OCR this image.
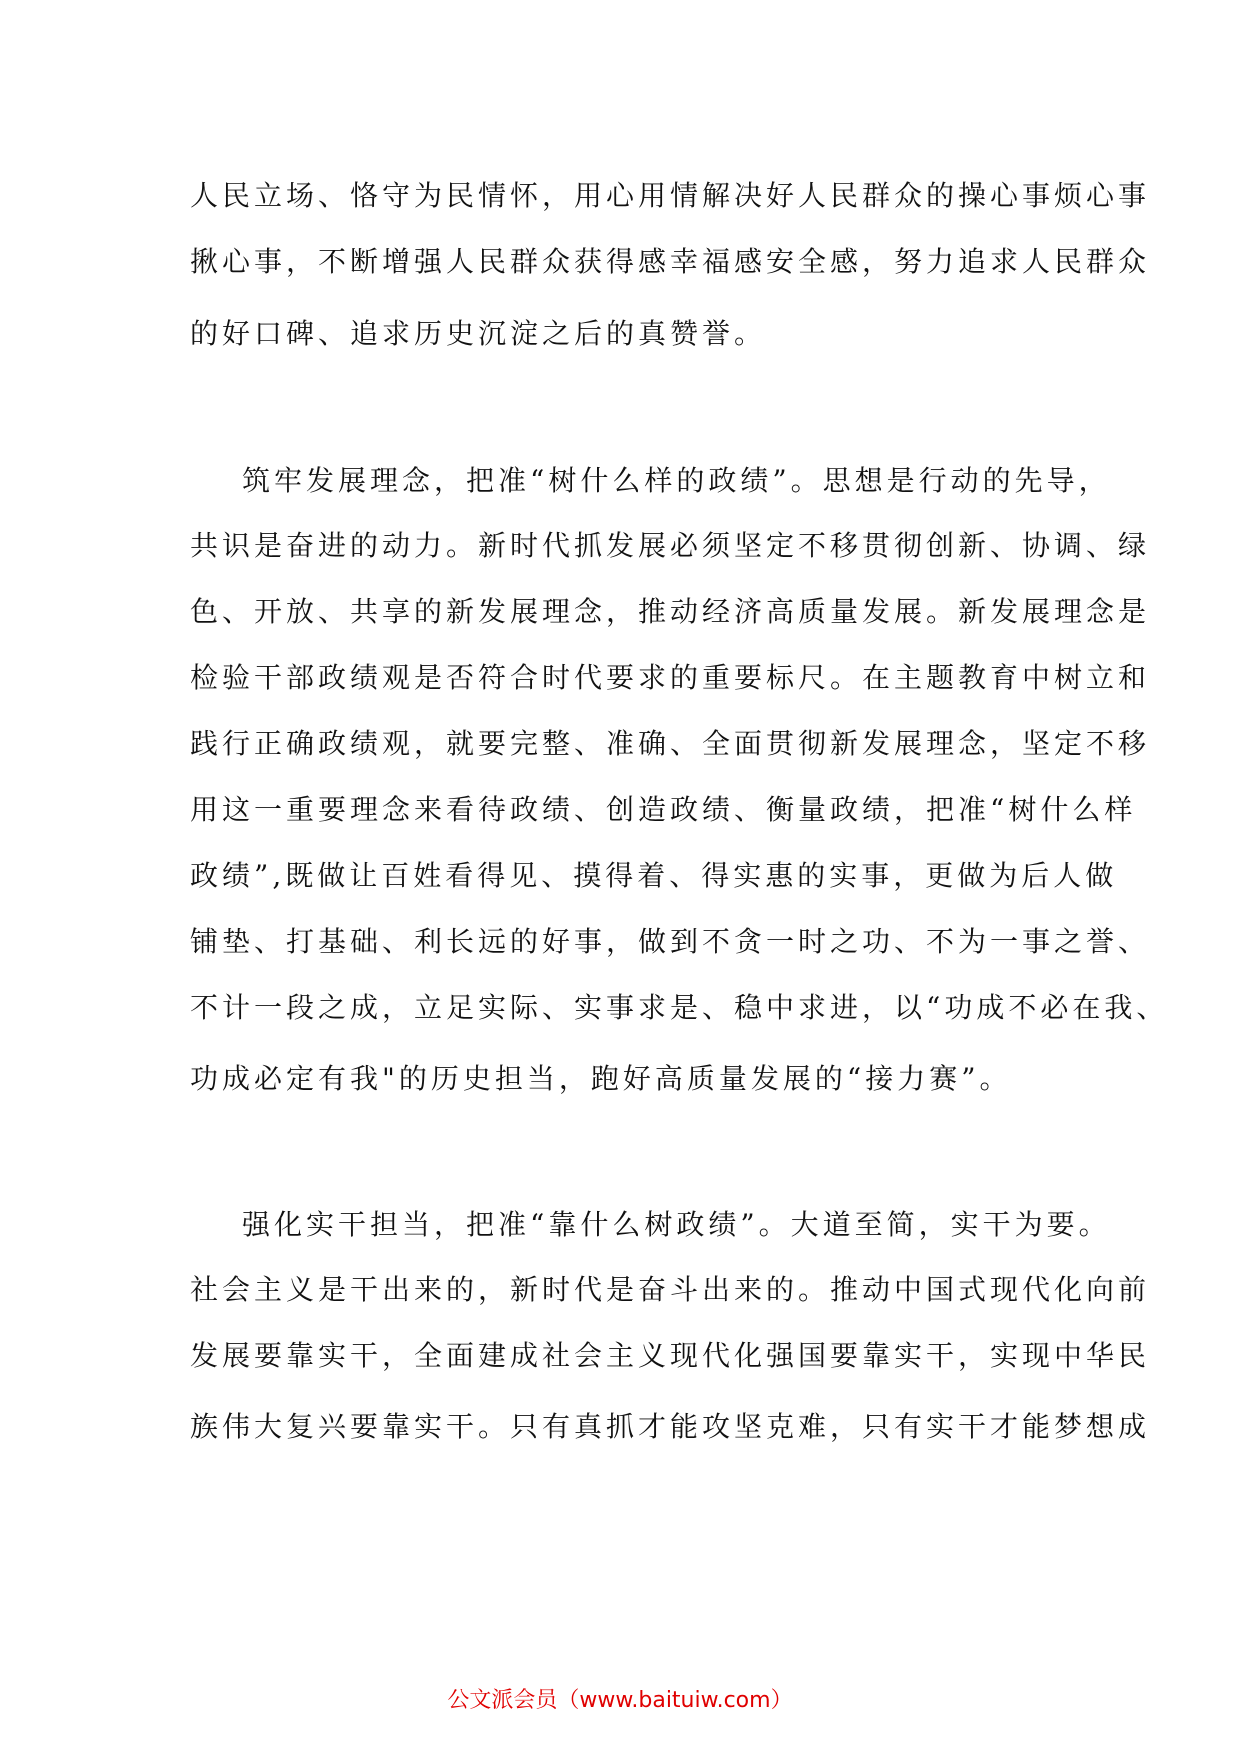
人民立场、恪守为民情怀，用心用情解决好人民群众的操心事烦心事
揪心事，不断增强人民群众获得感幸福感安全感，努力追求人民群众
的好口碑、追求历史沉淀之后的真赞誉。
筑牢发展理念，把准“树什么样的政绩”。思想是行动的先导，
共识是奋进的动力。新时代抓发展必须坚定不移贯彻创新、协调、绿
色、开放、共享的新发展理念，推动经济高质量发展。新发展理念是
检验干部政绩观是否符合时代要求的重要标尺。在主题教育中树立和
践行正确政绩观，就要完整、准确、全面贯彻新发展理念，坚定不移
用这一重要理念来看待政绩、创造政绩、衡量政绩，把准“树什么样
政绩”,既做让百姓看得见、摸得着、得实惠的实事，更做为后人做
铺垫、打基础、利长远的好事，做到不贪一时之功、不为一事之誉、
不计一段之成，立足实际、实事求是、稳中求进，以“功成不必在我、
功成必定有我"的历史担当，跑好高质量发展的“接力赛”。
强化实干担当，把准“靠什么树政绩”。大道至简，实干为要。
社会主义是干出来的，新时代是奋斗出来的。推动中国式现代化向前
发展要靠实干，全面建成社会主义现代化强国要靠实干，实现中华民
族伟大复兴要靠实干。只有真抓才能攻坚克难，只有实干才能梦想成
公文派会员（www.baituiw.com）
